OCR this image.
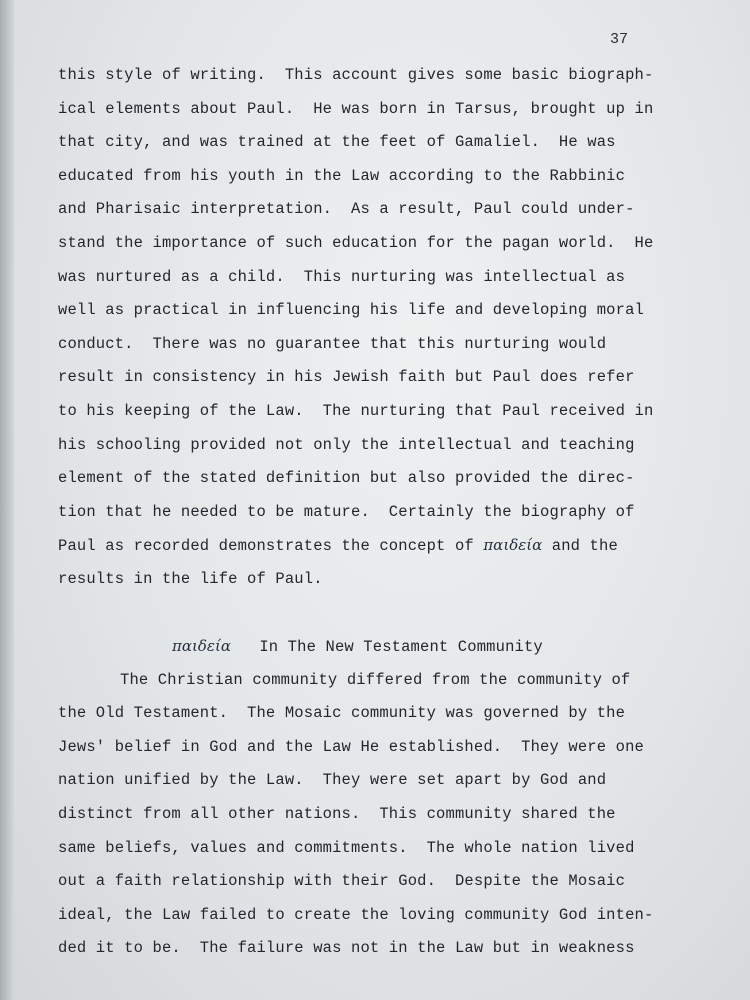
37
this style of writing.  This account gives some basic biograph-
ical elements about Paul.  He was born in Tarsus, brought up in
that city, and was trained at the feet of Gamaliel.  He was
educated from his youth in the Law according to the Rabbinic
and Pharisaic interpretation.  As a result, Paul could under-
stand the importance of such education for the pagan world.  He
was nurtured as a child.  This nurturing was intellectual as
well as practical in influencing his life and developing moral
conduct.  There was no guarantee that this nurturing would
result in consistency in his Jewish faith but Paul does refer
to his keeping of the Law.  The nurturing that Paul received in
his schooling provided not only the intellectual and teaching
element of the stated definition but also provided the direc-
tion that he needed to be mature.  Certainly the biography of
Paul as recorded demonstrates the concept of παιδεία and the
results in the life of Paul.
παιδεία In The New Testament Community
The Christian community differed from the community of
the Old Testament.  The Mosaic community was governed by the
Jews' belief in God and the Law He established.  They were one
nation unified by the Law.  They were set apart by God and
distinct from all other nations.  This community shared the
same beliefs, values and commitments.  The whole nation lived
out a faith relationship with their God.  Despite the Mosaic
ideal, the Law failed to create the loving community God inten-
ded it to be.  The failure was not in the Law but in weakness
